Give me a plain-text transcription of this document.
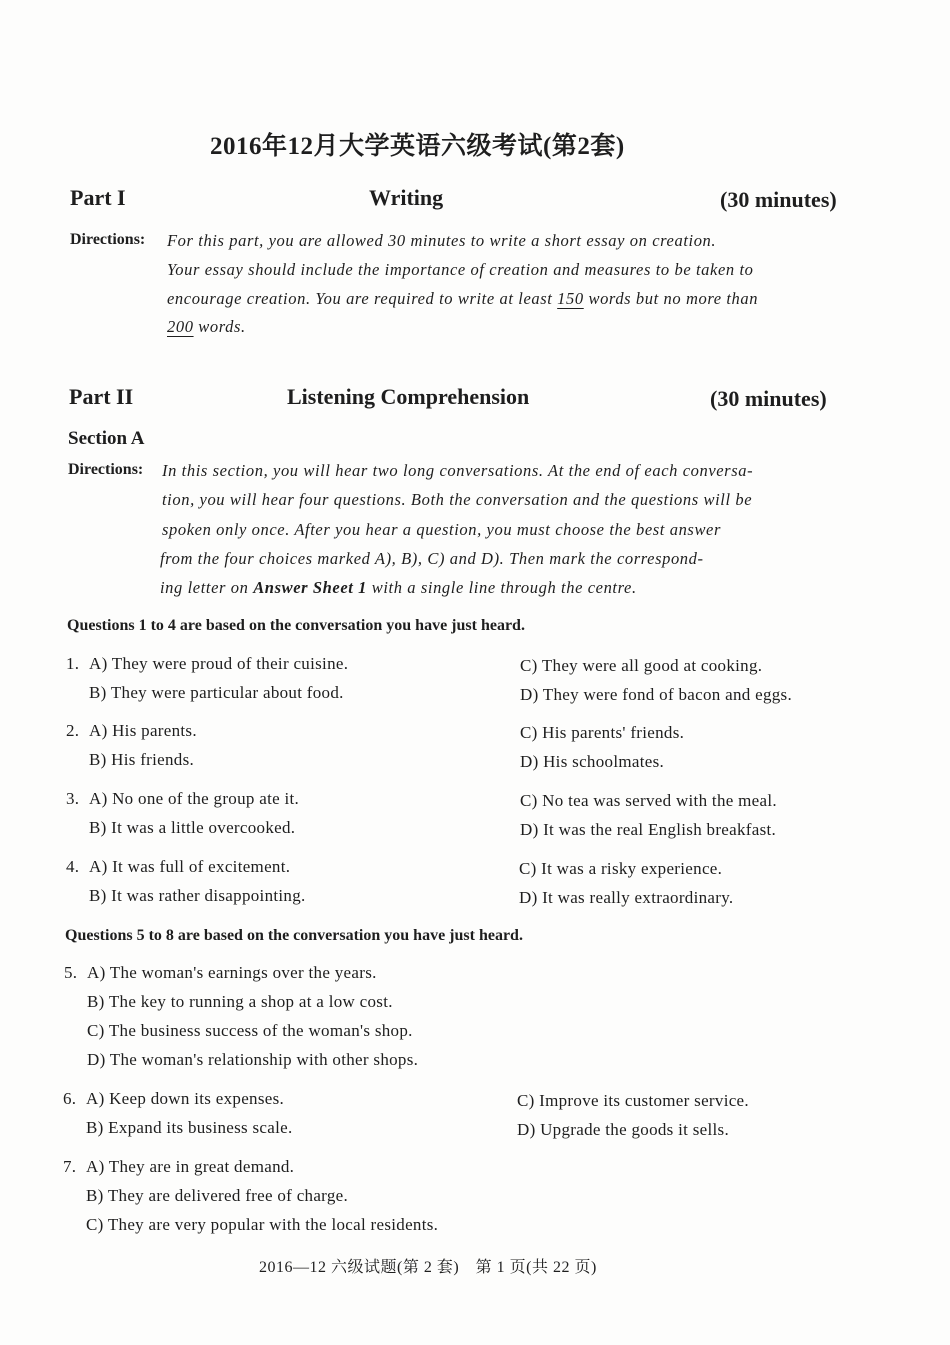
2016年12月大学英语六级考试(第2套)
Part I	Writing	(30 minutes)
Directions: For this part, you are allowed 30 minutes to write a short essay on creation.
Your essay should include the importance of creation and measures to be taken to
encourage creation. You are required to write at least 150 words but no more than
200 words.
Part II	Listening Comprehension	(30 minutes)
Section A
Directions: In this section, you will hear two long conversations. At the end of each conversa-
tion, you will hear four questions. Both the conversation and the questions will be
spoken only once. After you hear a question, you must choose the best answer
from the four choices marked A), B), C) and D). Then mark the correspond-
ing letter on Answer Sheet 1 with a single line through the centre.
Questions 1 to 4 are based on the conversation you have just heard.
1. A) They were proud of their cuisine.
B) They were particular about food.
C) They were all good at cooking.
D) They were fond of bacon and eggs.
2. A) His parents.
B) His friends.
C) His parents' friends.
D) His schoolmates.
3. A) No one of the group ate it.
B) It was a little overcooked.
C) No tea was served with the meal.
D) It was the real English breakfast.
4. A) It was full of excitement.
B) It was rather disappointing.
C) It was a risky experience.
D) It was really extraordinary.
Questions 5 to 8 are based on the conversation you have just heard.
5. A) The woman's earnings over the years.
B) The key to running a shop at a low cost.
C) The business success of the woman's shop.
D) The woman's relationship with other shops.
6. A) Keep down its expenses.
B) Expand its business scale.
C) Improve its customer service.
D) Upgrade the goods it sells.
7. A) They are in great demand.
B) They are delivered free of charge.
C) They are very popular with the local residents.
2016—12 六级试题(第 2 套)　第 1 页(共 22 页)
